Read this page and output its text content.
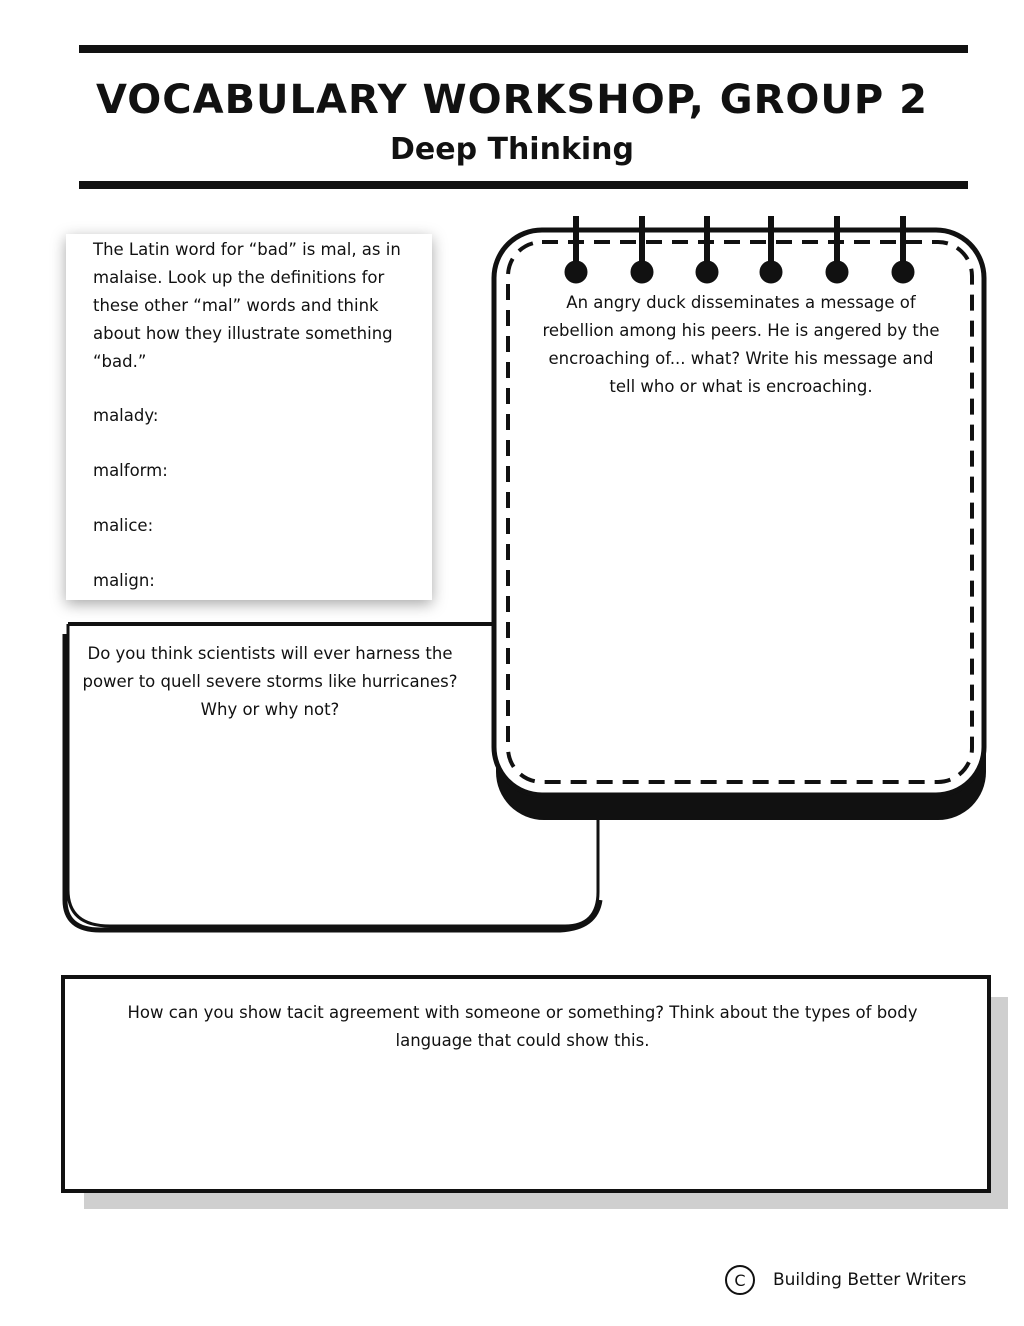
VOCABULARY WORKSHOP, GROUP 2
Deep Thinking

Do you think scientists will ever harness the power to quell severe storms like hurricanes? Why or why not?

The Latin word for “bad” is mal, as in malaise. Look up the definitions for these other “mal” words and think about how they illustrate something “bad.”

malady:

malform:

malice:

malign:

An angry duck disseminates a message of rebellion among his peers. He is angered by the encroaching of... what? Write his message and tell who or what is encroaching.

How can you show tacit agreement with someone or something? Think about the types of body language that could show this.

C	Building Better Writers
